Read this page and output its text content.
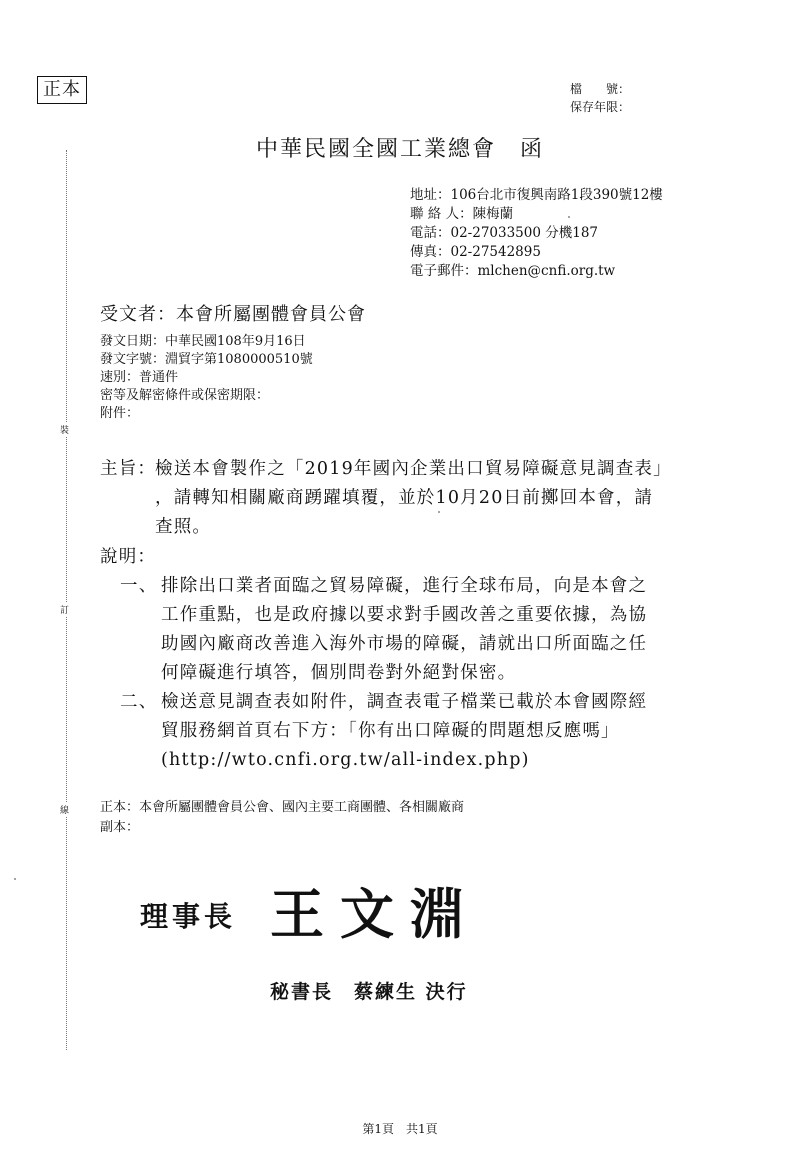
正本	檔　　號：
保存年限：
中華民國全國工業總會　函
地址：106台北市復興南路1段390號12樓
聯 絡 人：陳梅蘭
電話：02-27033500 分機187
傳真：02-27542895
電子郵件：mlchen@cnfi.org.tw
受文者：本會所屬團體會員公會
發文日期：中華民國108年9月16日
發文字號：淵貿字第1080000510號
速別：普通件
密等及解密條件或保密期限：
附件：
裝
訂
線
主旨：
檢送本會製作之「2019年國內企業出口貿易障礙意見調查表」
，請轉知相關廠商踴躍填覆，並於10月20日前擲回本會，請
查照。
說明：
一、 排除出口業者面臨之貿易障礙，進行全球布局，向是本會之
工作重點，也是政府據以要求對手國改善之重要依據，為協
助國內廠商改善進入海外市場的障礙，請就出口所面臨之任
何障礙進行填答，個別問卷對外絕對保密。
二、 檢送意見調查表如附件，調查表電子檔業已載於本會國際經
貿服務網首頁右下方：「你有出口障礙的問題想反應嗎」
(http://wto.cnfi.org.tw/all-index.php)
正本：本會所屬團體會員公會、國內主要工商團體、各相關廠商
副本：
理事長 王文淵
秘書長　蔡練生 決行
第1頁　共1頁
